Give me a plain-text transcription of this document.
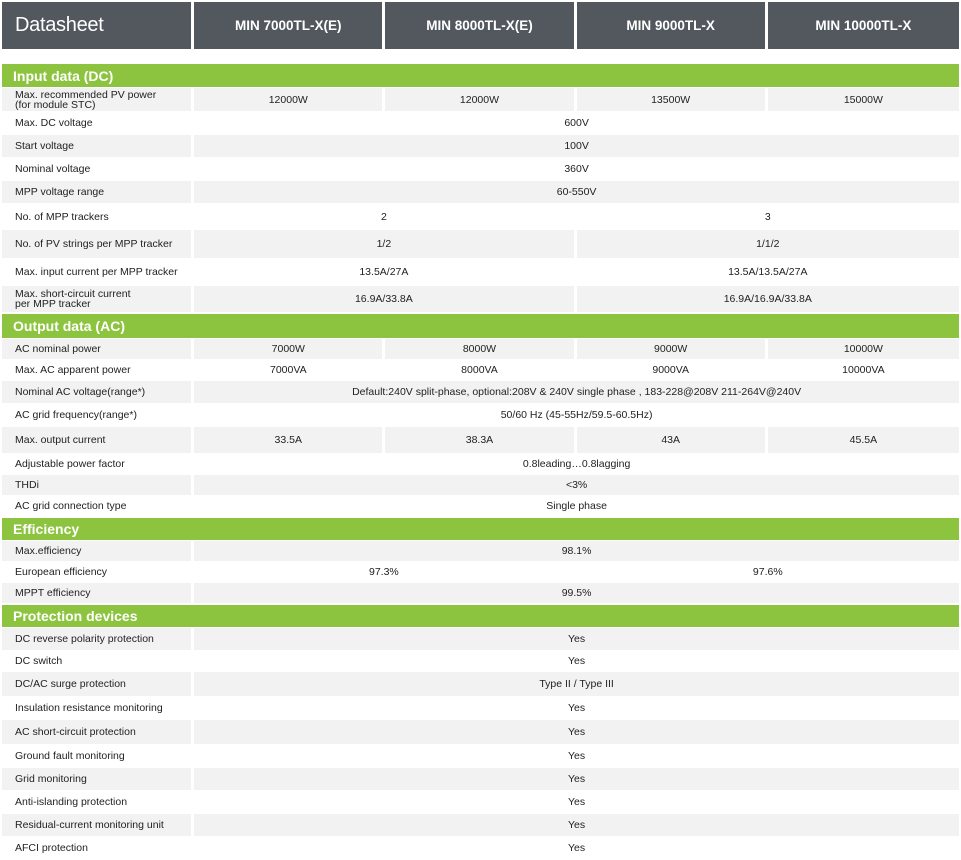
Datasheet	MIN 7000TL-X(E)	MIN 8000TL-X(E)	MIN 9000TL-X	MIN 10000TL-X

Input data (DC)				
Max. recommended PV power
(for module STC)	12000W	12000W	13500W	15000W
Max. DC voltage	600V			
Start voltage	100V			
Nominal voltage	360V			
MPP voltage range	60-550V			
No. of MPP trackers	2		3	
No. of PV strings per MPP tracker	1/2		1/1/2	
Max. input current per MPP tracker	13.5A/27A		13.5A/13.5A/27A	
Max. short-circuit current
per MPP tracker	16.9A/33.8A		16.9A/16.9A/33.8A	
Output data (AC)				
AC nominal power	7000W	8000W	9000W	10000W
Max. AC apparent power	7000VA	8000VA	9000VA	10000VA
Nominal AC voltage(range*)	Default:240V split-phase, optional:208V & 240V single phase , 183-228@208V 211-264V@240V			
AC grid frequency(range*)	50/60 Hz (45-55Hz/59.5-60.5Hz)			
Max. output current	33.5A	38.3A	43A	45.5A
Adjustable power factor	0.8leading…0.8lagging			
THDi	<3%			
AC grid connection type	Single phase			
Efficiency				
Max.efficiency	98.1%			
European efficiency	97.3%		97.6%	
MPPT efficiency	99.5%			
Protection devices				
DC reverse polarity protection	Yes			
DC switch	Yes			
DC/AC surge protection	Type II / Type III			
Insulation resistance monitoring	Yes			
AC short-circuit protection	Yes			
Ground fault monitoring	Yes			
Grid monitoring	Yes			
Anti-islanding protection	Yes			
Residual-current monitoring unit	Yes			
AFCI protection	Yes			
